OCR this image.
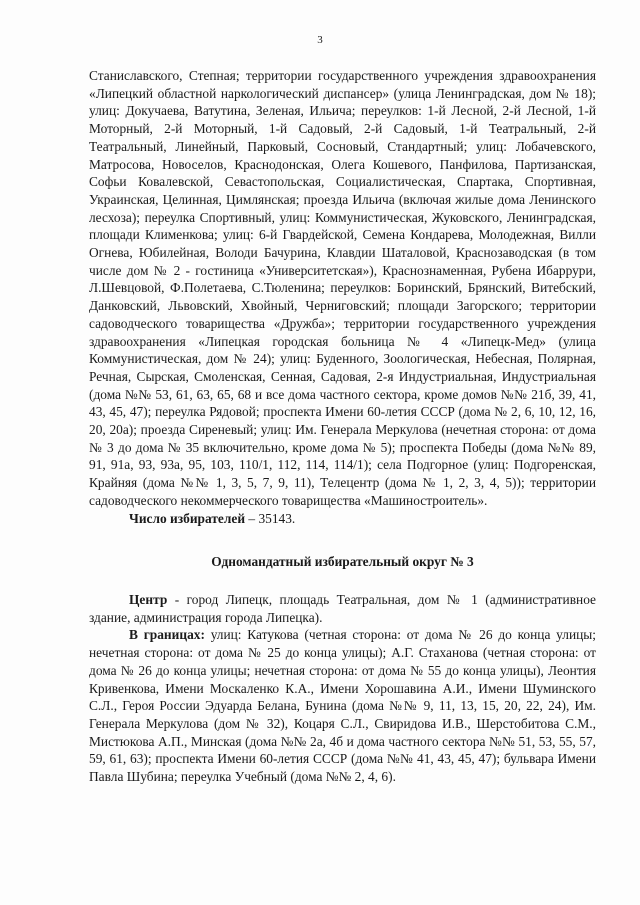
3

Станиславского, Степная; территории государственного учреждения здравоохранения «Липецкий областной наркологический диспансер» (улица Ленинградская, дом № 18); улиц: Докучаева, Ватутина, Зеленая, Ильича; переулков: 1-й Лесной, 2-й Лесной, 1-й Моторный, 2-й Моторный, 1-й Садовый, 2-й Садовый, 1-й Театральный, 2-й Театральный, Линейный, Парковый, Сосновый, Стандартный; улиц: Лобачевского, Матросова, Новоселов, Краснодонская, Олега Кошевого, Панфилова, Партизанская, Софьи Ковалевской, Севастопольская, Социалистическая, Спартака, Спортивная, Украинская, Целинная, Цимлянская; проезда Ильича (включая жилые дома Ленинского лесхоза); переулка Спортивный, улиц: Коммунистическая, Жуковского, Ленинградская, площади Клименкова; улиц: 6-й Гвардейской, Семена Кондарева, Молодежная, Вилли Огнева, Юбилейная, Володи Бачурина, Клавдии Шаталовой, Краснозаводская (в том числе дом № 2 - гостиница «Университетская»), Краснознаменная, Рубена Ибаррури, Л.Шевцовой, Ф.Полетаева, С.Тюленина; переулков: Боринский, Брянский, Витебский, Данковский, Львовский, Хвойный, Черниговский; площади Загорского; территории садоводческого товарищества «Дружба»; территории государственного учреждения здравоохранения «Липецкая городская больница № 4 «Липецк-Мед» (улица Коммунистическая, дом № 24); улиц: Буденного, Зоологическая, Небесная, Полярная, Речная, Сырская, Смоленская, Сенная, Садовая, 2-я Индустриальная, Индустриальная (дома №№ 53, 61, 63, 65, 68 и все дома частного сектора, кроме домов №№ 21б, 39, 41, 43, 45, 47); переулка Рядовой; проспекта Имени 60-летия СССР (дома № 2, 6, 10, 12, 16, 20, 20а); проезда Сиреневый; улиц: Им. Генерала Меркулова (нечетная сторона: от дома № 3 до дома № 35 включительно, кроме дома № 5); проспекта Победы (дома №№ 89, 91, 91а, 93, 93а, 95, 103, 110/1, 112, 114, 114/1); села Подгорное (улиц: Подгоренская, Крайняя (дома №№ 1, 3, 5, 7, 9, 11), Телецентр (дома № 1, 2, 3, 4, 5)); территории садоводческого некоммерческого товарищества «Машиностроитель».

Число избирателей – 35143.

Одномандатный избирательный округ № 3

Центр - город Липецк, площадь Театральная, дом № 1 (административное здание, администрация города Липецка).

В границах: улиц: Катукова (четная сторона: от дома № 26 до конца улицы; нечетная сторона: от дома № 25 до конца улицы); А.Г. Стаханова (четная сторона: от дома № 26 до конца улицы; нечетная сторона: от дома № 55 до конца улицы), Леонтия Кривенкова, Имени Москаленко К.А., Имени Хорошавина А.И., Имени Шуминского С.Л., Героя России Эдуарда Белана, Бунина (дома №№ 9, 11, 13, 15, 20, 22, 24), Им. Генерала Меркулова (дом № 32), Коцаря С.Л., Свиридова И.В., Шерстобитова С.М., Мистюкова А.П., Минская (дома №№ 2а, 4б и дома частного сектора №№ 51, 53, 55, 57, 59, 61, 63); проспекта Имени 60-летия СССР (дома №№ 41, 43, 45, 47); бульвара Имени Павла Шубина; переулка Учебный (дома №№ 2, 4, 6).
